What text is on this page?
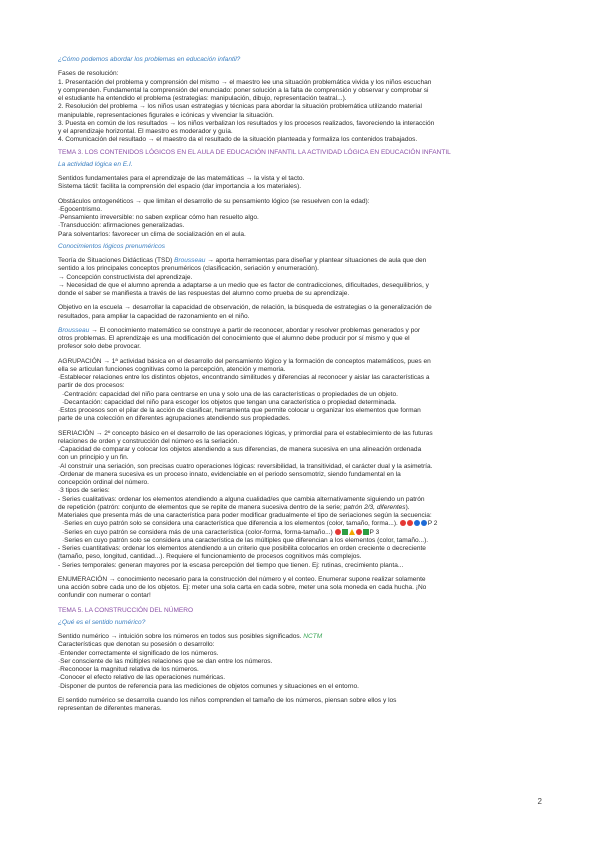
¿Cómo podemos abordar los problemas en educación infantil?

Fases de resolución:
1. Presentación del problema y comprensión del mismo → el maestro lee una situación problemática vivida y los niños escuchan
y comprenden. Fundamental la comprensión del enunciado: poner solución a la falta de comprensión y observar y comprobar si
el estudiante ha entendido el problema (estrategias: manipulación, dibujo, representación teatral...).
2. Resolución del problema → los niños usan estrategias y técnicas para abordar la situación problemática utilizando material
manipulable, representaciones figurales e icónicas y vivenciar la situación.
3. Puesta en común de los resultados → los niños verbalizan los resultados y los procesos realizados, favoreciendo la interacción
y el aprendizaje horizontal. El maestro es moderador y guía.
4. Comunicación del resultado → el maestro da el resultado de la situación planteada y formaliza los contenidos trabajados.

TEMA 3. LOS CONTENIDOS LÓGICOS EN EL AULA DE EDUCACIÓN INFANTIL LA ACTIVIDAD LÓGICA EN EDUCACIÓN INFANTIL

La actividad lógica en E.I.

Sentidos fundamentales para el aprendizaje de las matemáticas → la vista y el tacto.
Sistema táctil: facilita la comprensión del espacio (dar importancia a los materiales).
Obstáculos ontogenéticos → que limitan el desarrollo de su pensamiento lógico (se resuelven con la edad):
·Egocentrismo.
·Pensamiento irreversible: no saben explicar cómo han resuelto algo.
·Transducción: afirmaciones generalizadas.
Para solventarlos: favorecer un clima de socialización en el aula.

Conocimientos lógicos prenuméricos

Teoría de Situaciones Didácticas (TSD) Brousseau → aporta herramientas para diseñar y plantear situaciones de aula que den
sentido a los principales conceptos prenuméricos (clasificación, seriación y enumeración).
→ Concepción constructivista del aprendizaje.
→ Necesidad de que el alumno aprenda a adaptarse a un medio que es factor de contradicciones, dificultades, desequilibrios, y
donde el saber se manifiesta a través de las respuestas del alumno como prueba de su aprendizaje.
Objetivo en la escuela → desarrollar la capacidad de observación, de relación, la búsqueda de estrategias o la generalización de
resultados, para ampliar la capacidad de razonamiento en el niño.
Brousseau → El conocimiento matemático se construye a partir de reconocer, abordar y resolver problemas generados y por
otros problemas. El aprendizaje es una modificación del conocimiento que el alumno debe producir por sí mismo y que el
profesor solo debe provocar.
AGRUPACIÓN → 1ª actividad básica en el desarrollo del pensamiento lógico y la formación de conceptos matemáticos, pues en
ella se articulan funciones cognitivas como la percepción, atención y memoria.
·Establecer relaciones entre los distintos objetos, encontrando similitudes y diferencias al reconocer y aislar las características a
partir de dos procesos:
·Centración: capacidad del niño para centrarse en una y solo una de las características o propiedades de un objeto.
·Decantación: capacidad del niño para escoger los objetos que tengan una característica o propiedad determinada.
·Estos procesos son el pilar de la acción de clasificar, herramienta que permite colocar u organizar los elementos que forman
parte de una colección en diferentes agrupaciones atendiendo sus propiedades.
SERIACIÓN → 2º concepto básico en el desarrollo de las operaciones lógicas, y primordial para el establecimiento de las futuras
relaciones de orden y construcción del número es la seriación.
·Capacidad de comparar y colocar los objetos atendiendo a sus diferencias, de manera sucesiva en una alineación ordenada
con un principio y un fin.
·Al construir una seriación, son precisas cuatro operaciones lógicas: reversibilidad, la transitividad, el carácter dual y la asimetría.
·Ordenar de manera sucesiva es un proceso innato, evidenciable en el periodo sensomotriz, siendo fundamental en la
concepción ordinal del número.
·3 tipos de series:
- Series cualitativas: ordenar los elementos atendiendo a alguna cualidad/es que cambia alternativamente siguiendo un patrón
de repetición (patrón: conjunto de elementos que se repite de manera sucesiva dentro de la serie; patrón 2/3, diferentes).
Materiales que presenta más de una característica para poder modificar gradualmente el tipo de seriaciones según la secuencia:
·Series en cuyo patrón solo se considera una característica que diferencia a los elementos (color, tamaño, forma...).	P 2
·Series en cuyo patrón se considera más de una característica (color-forma, forma-tamaño...)	P 3
·Series en cuyo patrón solo se considera una característica de las múltiples que diferencian a los elementos (color, tamaño...).
- Series cuantitativas: ordenar los elementos atendiendo a un criterio que posibilita colocarlos en orden creciente o decreciente
(tamaño, peso, longitud, cantidad...). Requiere el funcionamiento de procesos cognitivos más complejos.
- Series temporales: generan mayores por la escasa percepción del tiempo que tienen. Ej: rutinas, crecimiento planta...
ENUMERACIÓN → conocimiento necesario para la construcción del número y el conteo. Enumerar supone realizar solamente
una acción sobre cada uno de los objetos. Ej: meter una sola carta en cada sobre, meter una sola moneda en cada hucha. ¡No
confundir con numerar o contar!

TEMA 5. LA CONSTRUCCIÓN DEL NÚMERO

¿Qué es el sentido numérico?

Sentido numérico → intuición sobre los números en todos sus posibles significados. NCTM
Características que denotan su posesión o desarrollo:
·Entender correctamente el significado de los números.
·Ser consciente de las múltiples relaciones que se dan entre los números.
·Reconocer la magnitud relativa de los números.
·Conocer el efecto relativo de las operaciones numéricas.
·Disponer de puntos de referencia para las mediciones de objetos comunes y situaciones en el entorno.
El sentido numérico se desarrolla cuando los niños comprenden el tamaño de los números, piensan sobre ellos y los
representan de diferentes maneras.
2
